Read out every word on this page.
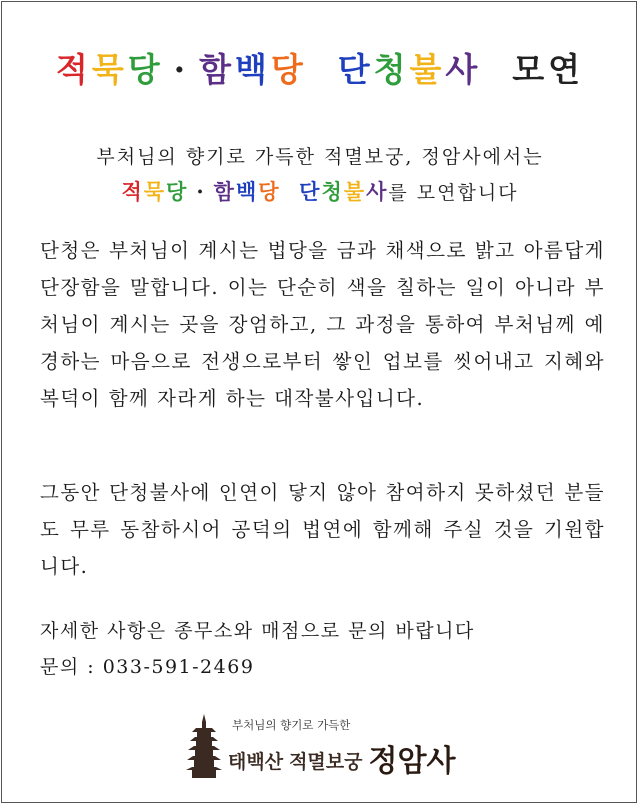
적묵당 · 함백당 단청불사 모연
부처님의 향기로 가득한 적멸보궁, 정암사에서는
적묵당 · 함백당 단청불사를 모연합니다

단청은 부처님이 계시는 법당을 금과 채색으로 밝고 아름답게 단장함을 말합니다. 이는 단순히 색을 칠하는 일이 아니라 부처님이 계시는 곳을 장엄하고, 그 과정을 통하여 부처님께 예경하는 마음으로 전생으로부터 쌓인 업보를 씻어내고 지혜와 복덕이 함께 자라게 하는 대작불사입니다.

그동안 단청불사에 인연이 닿지 않아 참여하지 못하셨던 분들도 무루 동참하시어 공덕의 법연에 함께해 주실 것을 기원합니다.

자세한 사항은 종무소와 매점으로 문의 바랍니다
문의 : 033-591-2469
부처님의 향기로 가득한
태백산 적멸보궁 정암사
